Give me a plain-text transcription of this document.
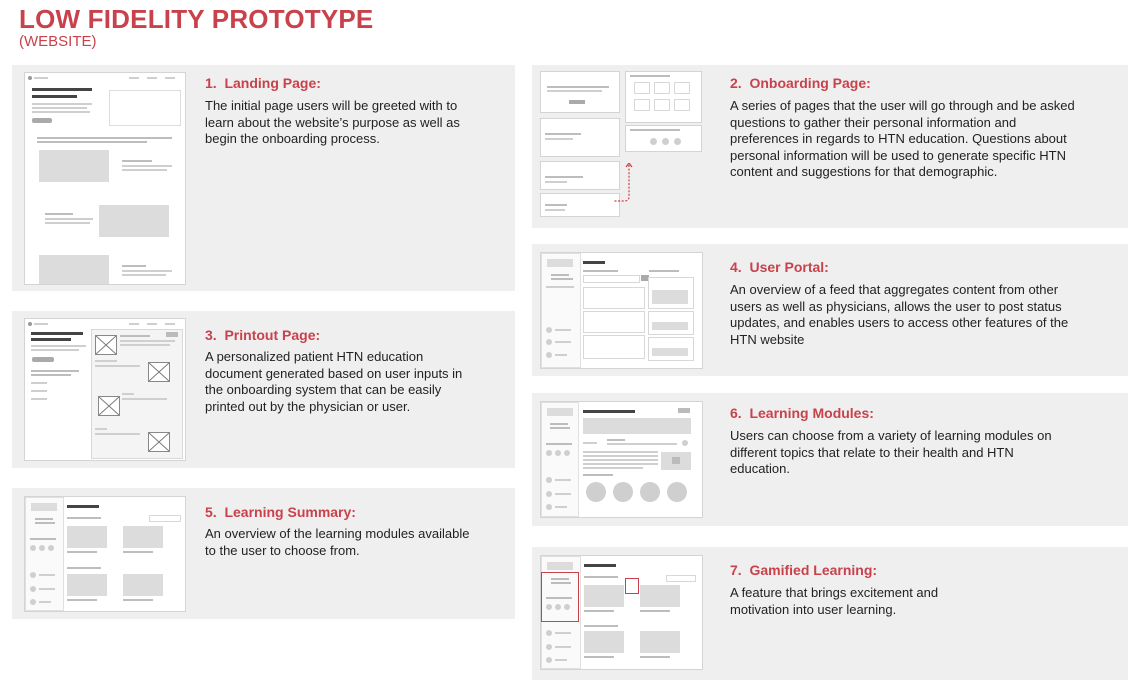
LOW FIDELITY PROTOTYPE
(WEBSITE)
1. Landing Page:

The initial page users will be greeted with to learn about the website’s purpose as well as begin the onboarding process.

2. Onboarding Page:

A series of pages that the user will go through and be asked questions to gather their personal information and preferences in regards to HTN education. Questions about personal information will be used to generate specific HTN content and suggestions for that demographic.

3. Printout Page:

A personalized patient HTN education document generated based on user inputs in the onboarding system that can be easily printed out by the physician or user.

4. User Portal:

An overview of a feed that aggregates content from other users as well as physicians, allows the user to post status updates, and enables users to access other features of the HTN website

5. Learning Summary:

An overview of the learning modules available to the user to choose from.

6. Learning Modules:

Users can choose from a variety of learning modules on different topics that relate to their health and HTN education.

7. Gamified Learning:

A feature that brings excitement and motivation into user learning.
